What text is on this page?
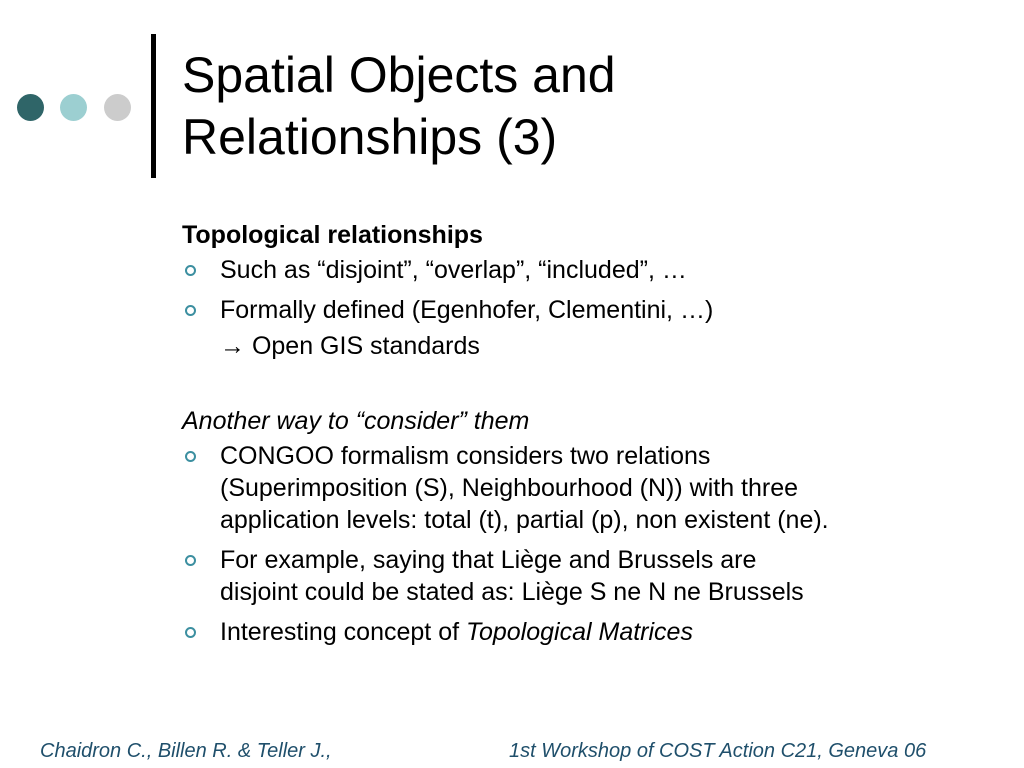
Spatial Objects and
Relationships (3)
Topological relationships
Such as “disjoint”, “overlap”, “included”, …
Formally defined (Egenhofer, Clementini, …)
→ Open GIS standards
Another way to “consider” them
CONGOO formalism considers two relations
(Superimposition (S), Neighbourhood (N)) with three
application levels: total (t), partial (p), non existent (ne).
For example, saying that Liège and Brussels are
disjoint could be stated as: Liège S ne N ne Brussels
Interesting concept of Topological Matrices
Chaidron C., Billen R. & Teller J.,	1st Workshop of COST Action C21, Geneva 06
